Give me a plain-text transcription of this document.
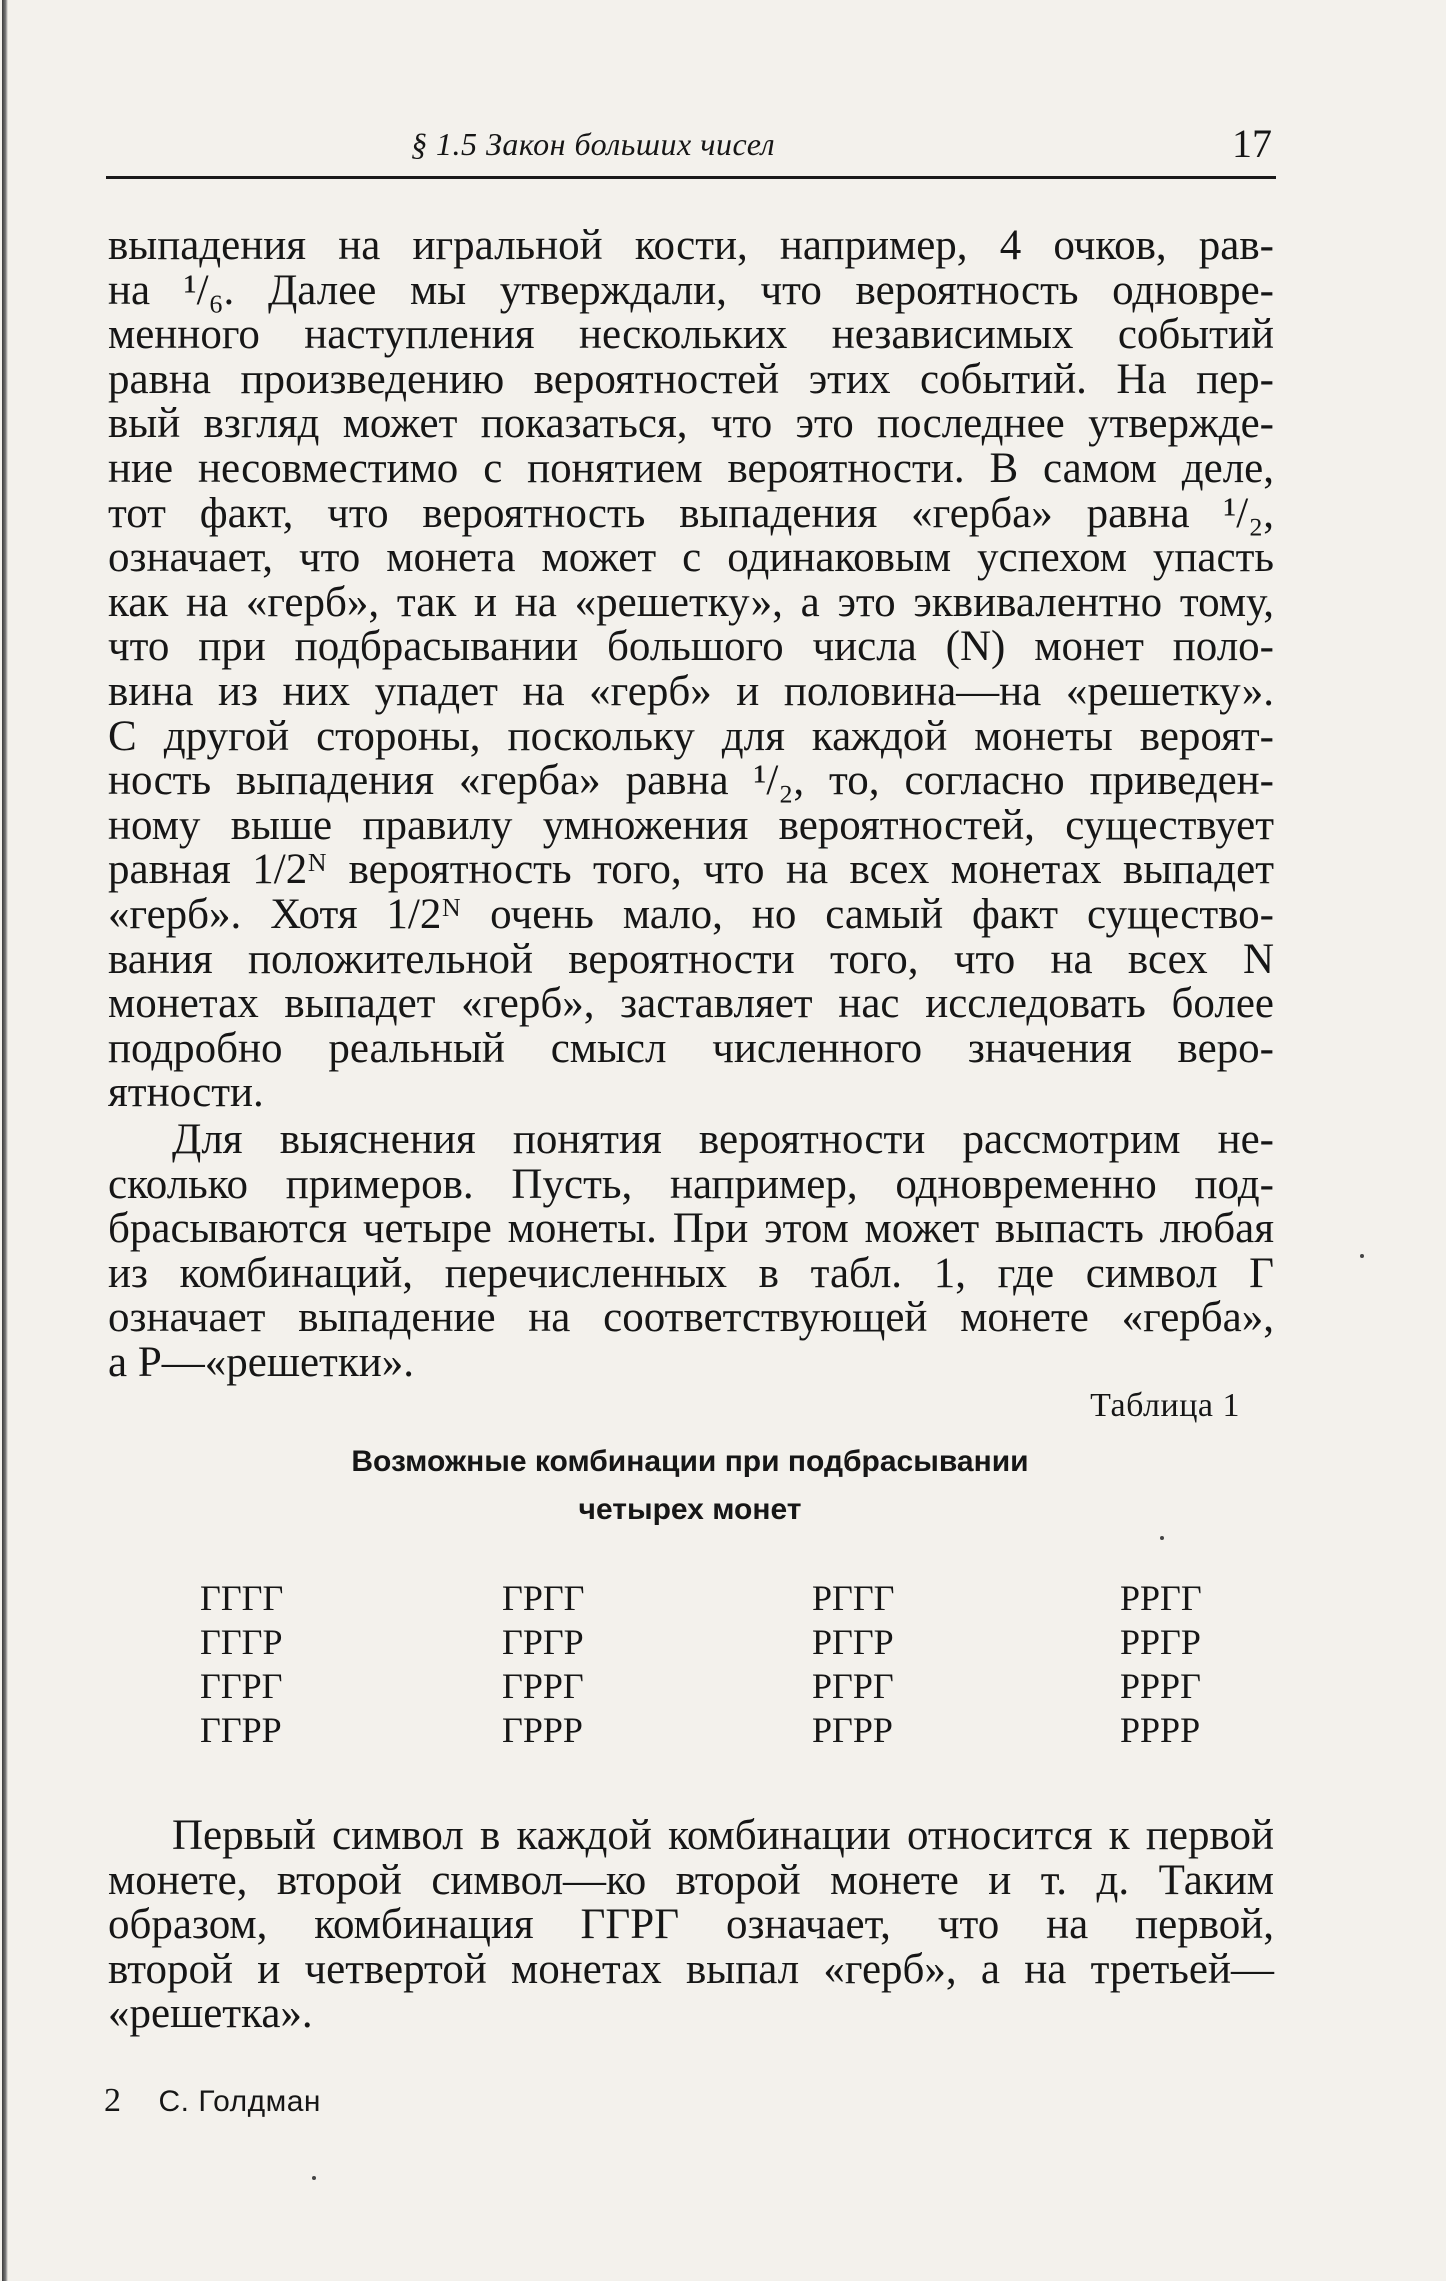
§ 1.5 Закон больших чисел	17
выпадения на игральной кости, например, 4 очков, рав-
на ¹/₆. Далее мы утверждали, что вероятность одновре-
менного наступления нескольких независимых событий
равна произведению вероятностей этих событий. На пер-
вый взгляд может показаться, что это последнее утвержде-
ние несовместимо с понятием вероятности. В самом деле,
тот факт, что вероятность выпадения «герба» равна ¹/₂,
означает, что монета может с одинаковым успехом упасть
как на «герб», так и на «решетку», а это эквивалентно тому,
что при подбрасывании большого числа (N) монет поло-
вина из них упадет на «герб» и половина—на «решетку».
С другой стороны, поскольку для каждой монеты вероят-
ность выпадения «герба» равна ¹/₂, то, согласно приведен-
ному выше правилу умножения вероятностей, существует
равная 1/2ᴺ вероятность того, что на всех монетах выпадет
«герб». Хотя 1/2ᴺ очень мало, но самый факт существо-
вания положительной вероятности того, что на всех N
монетах выпадет «герб», заставляет нас исследовать более
подробно реальный смысл численного значения веро-
ятности.
Для выяснения понятия вероятности рассмотрим не-
сколько примеров. Пусть, например, одновременно под-
брасываются четыре монеты. При этом может выпасть любая
из комбинаций, перечисленных в табл. 1, где символ Г
означает выпадение на соответствующей монете «герба»,
а Р—«решетки».
Таблица 1
Возможные комбинации при подбрасывании
четырех монет
ГГГГ
ГГГР
ГГРГ
ГГРР
ГРГГ
ГРГР
ГРРГ
ГРРР
РГГГ
РГГР
РГРГ
РГРР
РРГГ
РРГР
РРРГ
РРРР
Первый символ в каждой комбинации относится к первой
монете, второй символ—ко второй монете и т. д. Таким
образом, комбинация ГГРГ означает, что на первой,
второй и четвертой монетах выпал «герб», а на третьей—
«решетка».
2 С. Голдман
